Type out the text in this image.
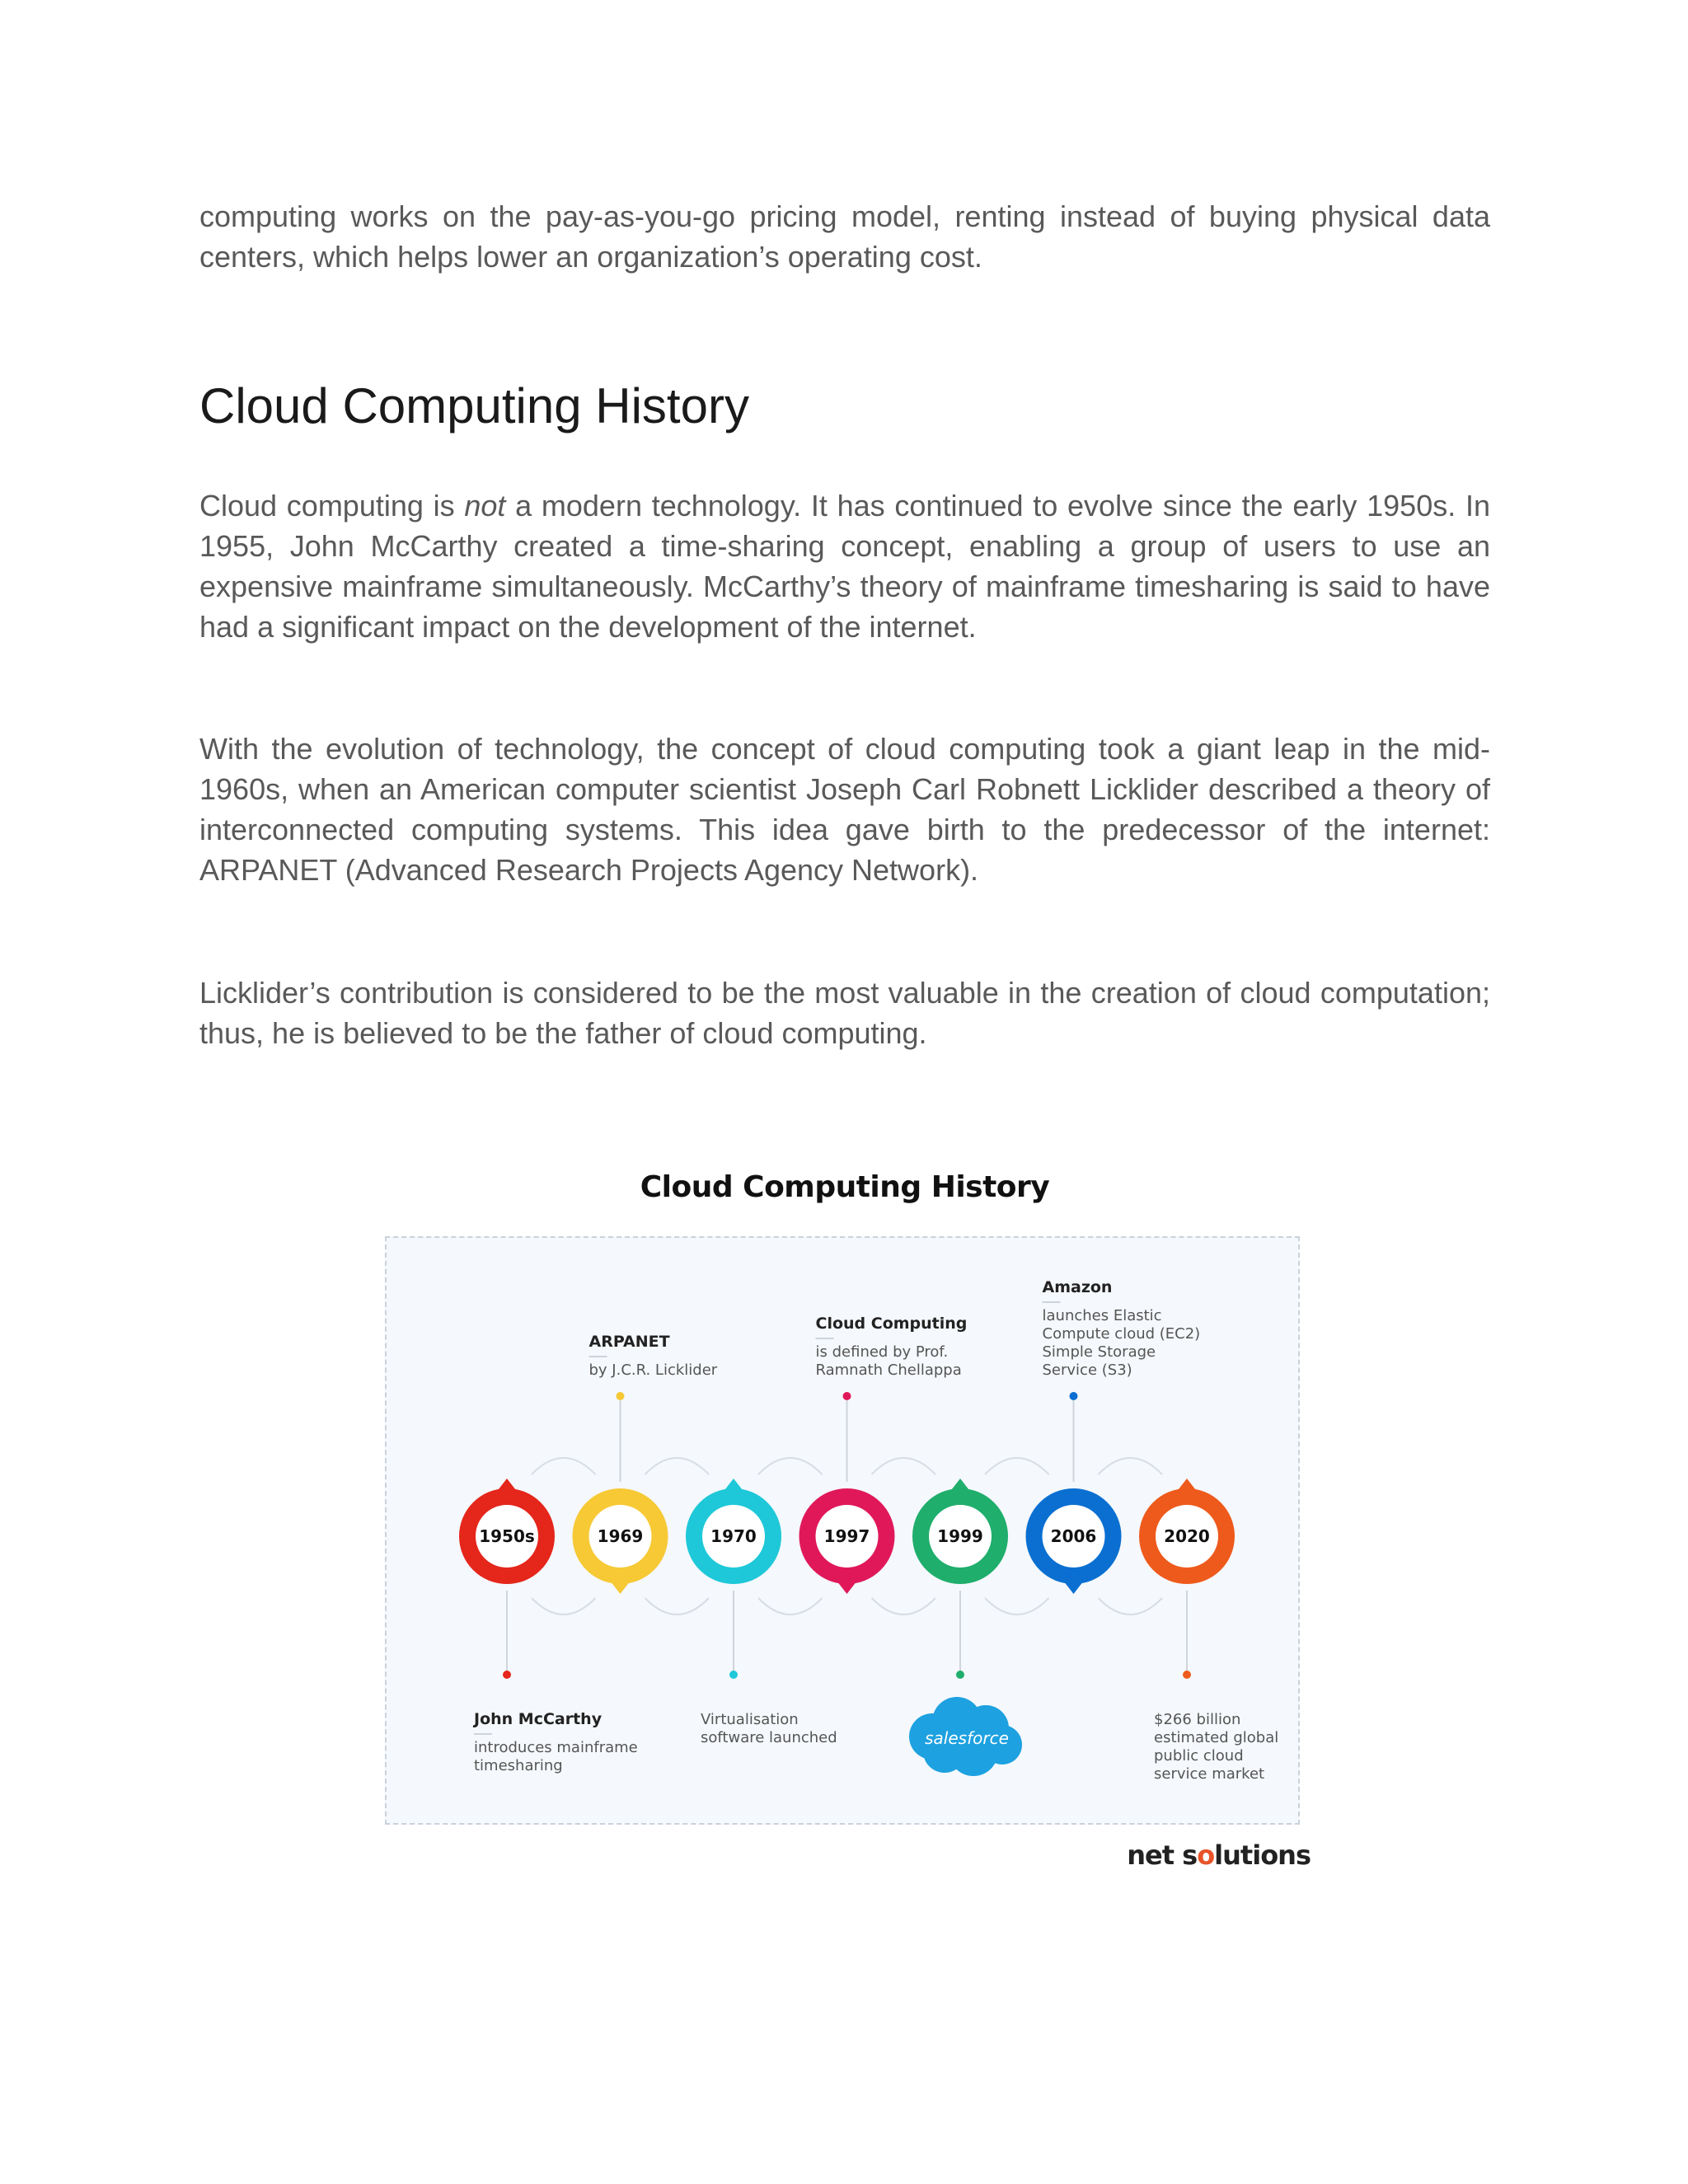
computing works on the pay-as-you-go pricing model, renting instead of buying physical data centers, which helps lower an organization’s operating cost.

Cloud Computing History

Cloud computing is not a modern technology. It has continued to evolve since the early 1950s. In 1955, John McCarthy created a time-sharing concept, enabling a group of users to use an expensive mainframe simultaneously. McCarthy’s theory of mainframe timesharing is said to have had a significant impact on the development of the internet.

With the evolution of technology, the concept of cloud computing took a giant leap in the mid-1960s, when an American computer scientist Joseph Carl Robnett Licklider described a theory of interconnected computing systems. This idea gave birth to the predecessor of the internet: ARPANET (Advanced Research Projects Agency Network).

Licklider’s contribution is considered to be the most valuable in the creation of cloud computation; thus, he is believed to be the father of cloud computing.

Cloud Computing History
1950s
John McCarthy
introduces mainframe
timesharing
1969
ARPANET
by J.C.R. Licklider
1970
Virtualisation
software launched
1997
Cloud Computing
is defined by Prof.
Ramnath Chellappa
1999
salesforce
2006
Amazon
launches Elastic
Compute cloud (EC2)
Simple Storage
Service (S3)
2020
$266 billion
estimated global
public cloud
service market
net solutions
